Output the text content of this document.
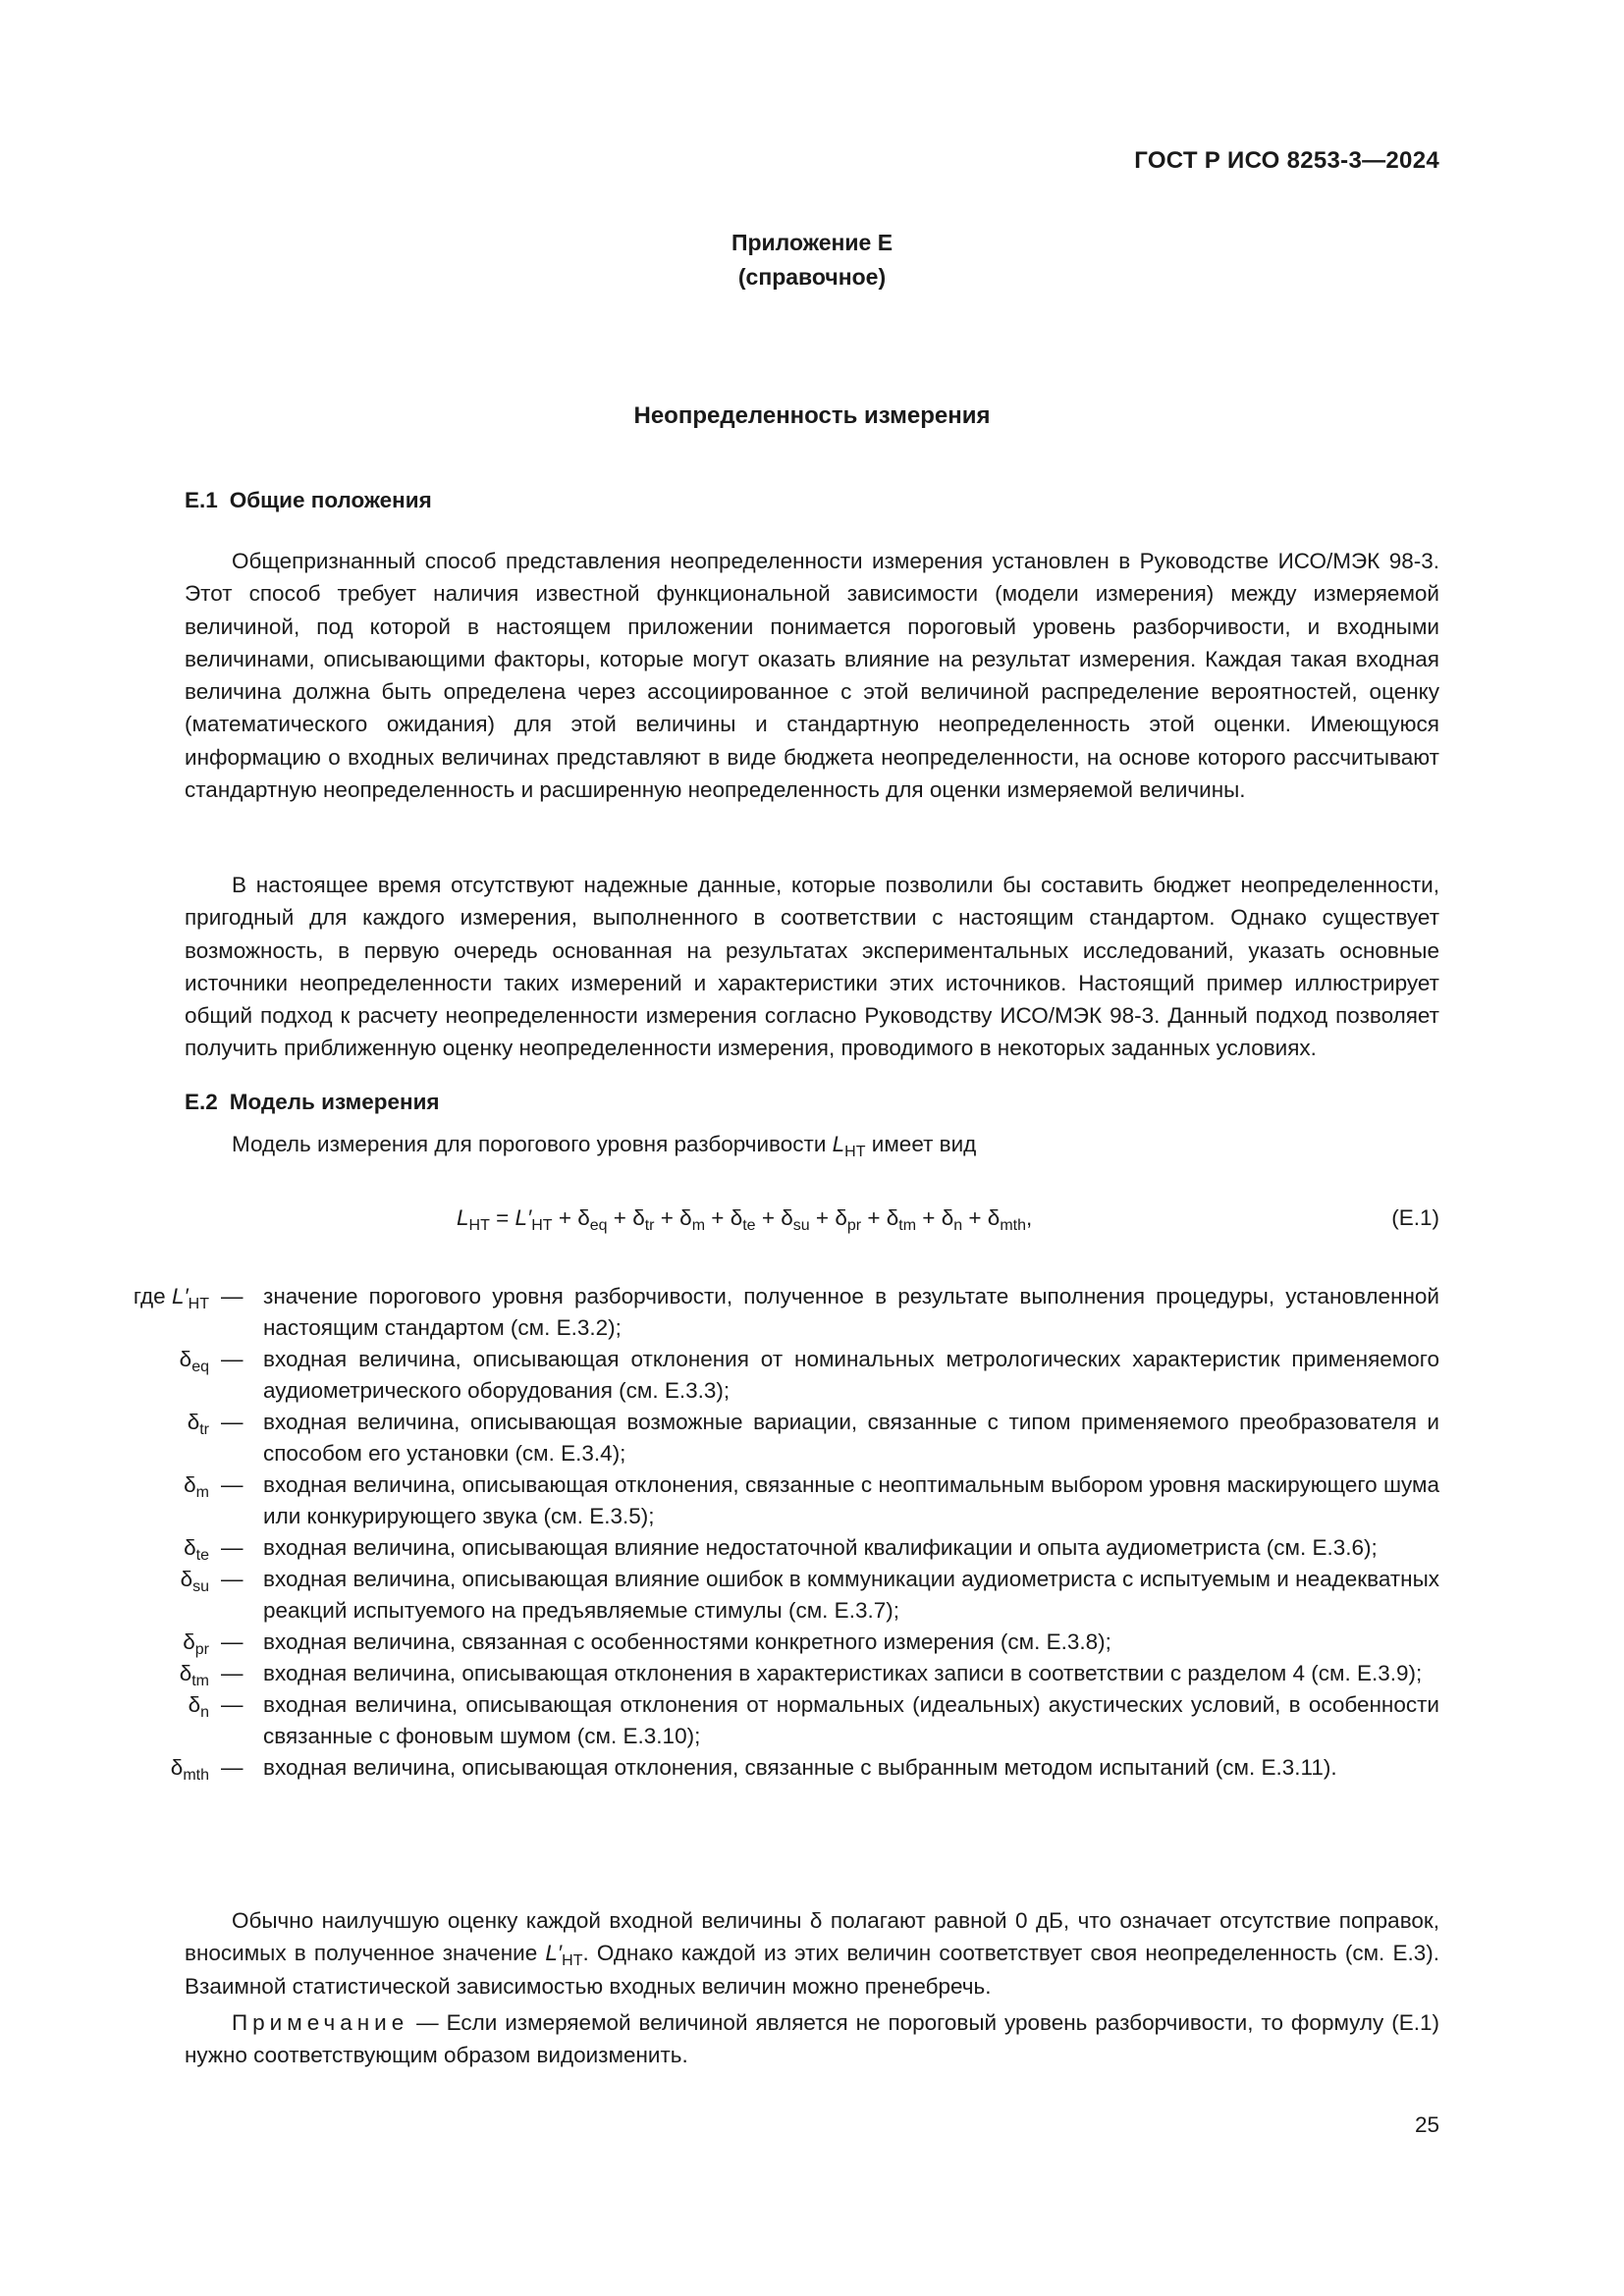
ГОСТ Р ИСО 8253-3—2024
Приложение Е
(справочное)
Неопределенность измерения
Е.1 Общие положения

Общепризнанный способ представления неопределенности измерения установлен в Руководстве ИСО/МЭК 98-3. Этот способ требует наличия известной функциональной зависимости (модели измерения) между измеряемой величиной, под которой в настоящем приложении понимается пороговый уровень разборчивости, и входными величинами, описывающими факторы, которые могут оказать влияние на результат измерения. Каждая такая входная величина должна быть определена через ассоциированное с этой величиной распределение вероятностей, оценку (математического ожидания) для этой величины и стандартную неопределенность этой оценки. Имеющуюся информацию о входных величинах представляют в виде бюджета неопределенности, на основе которого рассчитывают стандартную неопределенность и расширенную неопределенность для оценки измеряемой величины.

В настоящее время отсутствуют надежные данные, которые позволили бы составить бюджет неопределенности, пригодный для каждого измерения, выполненного в соответствии с настоящим стандартом. Однако существует возможность, в первую очередь основанная на результатах экспериментальных исследований, указать основные источники неопределенности таких измерений и характеристики этих источников. Настоящий пример иллюстрирует общий подход к расчету неопределенности измерения согласно Руководству ИСО/МЭК 98-3. Данный подход позволяет получить приближенную оценку неопределенности измерения, проводимого в некоторых заданных условиях.

Е.2 Модель измерения
Модель измерения для порогового уровня разборчивости $L_{HT}$ имеет вид
$L_{HT} = L'_{HT} + \delta_{eq} + \delta_{tr} + \delta_m + \delta_{te} + \delta_{su} + \delta_{pr} + \delta_{tm} + \delta_n + \delta_{mth}$,	(Е.1)
где $L'_{HT}$ — значение порогового уровня разборчивости, полученное в результате выполнения процедуры, установленной настоящим стандартом (см. Е.3.2);
$\delta_{eq}$ — входная величина, описывающая отклонения от номинальных метрологических характеристик применяемого аудиометрического оборудования (см. Е.3.3);
$\delta_{tr}$ — входная величина, описывающая возможные вариации, связанные с типом применяемого преобразователя и способом его установки (см. Е.3.4);
$\delta_m$ — входная величина, описывающая отклонения, связанные с неоптимальным выбором уровня маскирующего шума или конкурирующего звука (см. Е.3.5);
$\delta_{te}$ — входная величина, описывающая влияние недостаточной квалификации и опыта аудиометриста (см. Е.3.6);
$\delta_{su}$ — входная величина, описывающая влияние ошибок в коммуникации аудиометриста с испытуемым и неадекватных реакций испытуемого на предъявляемые стимулы (см. Е.3.7);
$\delta_{pr}$ — входная величина, связанная с особенностями конкретного измерения (см. Е.3.8);
$\delta_{tm}$ — входная величина, описывающая отклонения в характеристиках записи в соответствии с разделом 4 (см. Е.3.9);
$\delta_n$ — входная величина, описывающая отклонения от нормальных (идеальных) акустических условий, в особенности связанные с фоновым шумом (см. Е.3.10);
$\delta_{mth}$ — входная величина, описывающая отклонения, связанные с выбранным методом испытаний (см. Е.3.11).

Обычно наилучшую оценку каждой входной величины δ полагают равной 0 дБ, что означает отсутствие поправок, вносимых в полученное значение $L'_{HT}$. Однако каждой из этих величин соответствует своя неопределенность (см. Е.3). Взаимной статистической зависимостью входных величин можно пренебречь.

Примечание — Если измеряемой величиной является не пороговый уровень разборчивости, то формулу (Е.1) нужно соответствующим образом видоизменить.

25
